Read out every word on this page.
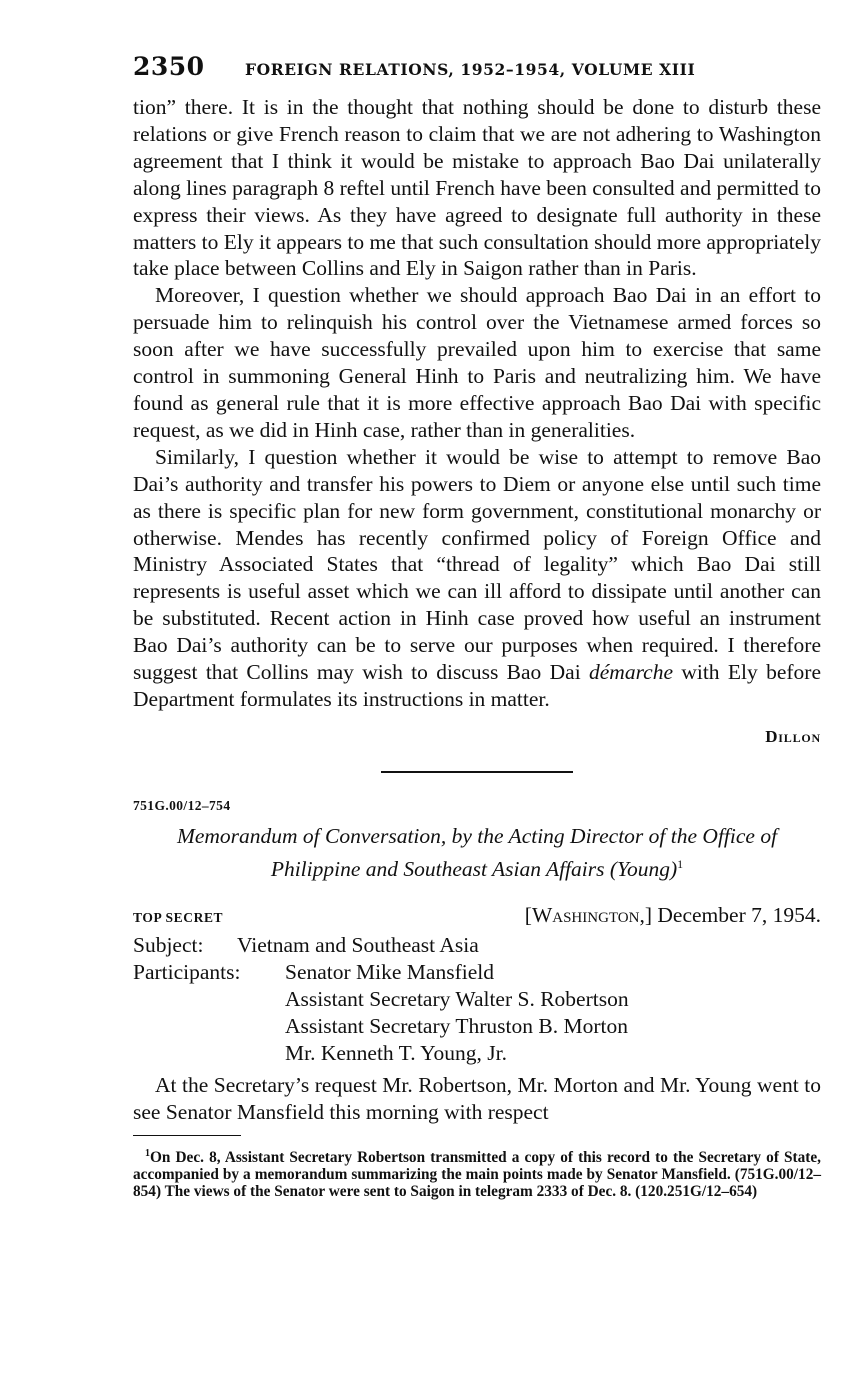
2350	FOREIGN RELATIONS, 1952–1954, VOLUME XIII

tion” there. It is in the thought that nothing should be done to disturb these relations or give French reason to claim that we are not adhering to Washington agreement that I think it would be mistake to approach Bao Dai unilaterally along lines paragraph 8 reftel until French have been consulted and permitted to express their views. As they have agreed to designate full authority in these matters to Ely it appears to me that such consultation should more appropriately take place between Collins and Ely in Saigon rather than in Paris.

Moreover, I question whether we should approach Bao Dai in an effort to persuade him to relinquish his control over the Vietnamese armed forces so soon after we have successfully prevailed upon him to exercise that same control in summoning General Hinh to Paris and neutralizing him. We have found as general rule that it is more effective approach Bao Dai with specific request, as we did in Hinh case, rather than in generalities.

Similarly, I question whether it would be wise to attempt to remove Bao Dai’s authority and transfer his powers to Diem or anyone else until such time as there is specific plan for new form government, constitutional monarchy or otherwise. Mendes has recently confirmed policy of Foreign Office and Ministry Associated States that “thread of legality” which Bao Dai still represents is useful asset which we can ill afford to dissipate until another can be substituted. Recent action in Hinh case proved how useful an instrument Bao Dai’s authority can be to serve our purposes when required. I therefore suggest that Collins may wish to discuss Bao Dai démarche with Ely before Department formulates its instructions in matter.

Dillon
751G.00/12–754
Memorandum of Conversation, by the Acting Director of the Office of Philippine and Southeast Asian Affairs (Young)$^1$
TOP SECRET	[Washington,] December 7, 1954.
Subject:	Vietnam and Southeast Asia
Participants:	Senator Mike Mansfield
Assistant Secretary Walter S. Robertson
Assistant Secretary Thruston B. Morton
Mr. Kenneth T. Young, Jr.

At the Secretary’s request Mr. Robertson, Mr. Morton and Mr. Young went to see Senator Mansfield this morning with respect

$^1$On Dec. 8, Assistant Secretary Robertson transmitted a copy of this record to the Secretary of State, accompanied by a memorandum summarizing the main points made by Senator Mansfield. (751G.00/12–854) The views of the Senator were sent to Saigon in telegram 2333 of Dec. 8. (120.251G/12–654)
